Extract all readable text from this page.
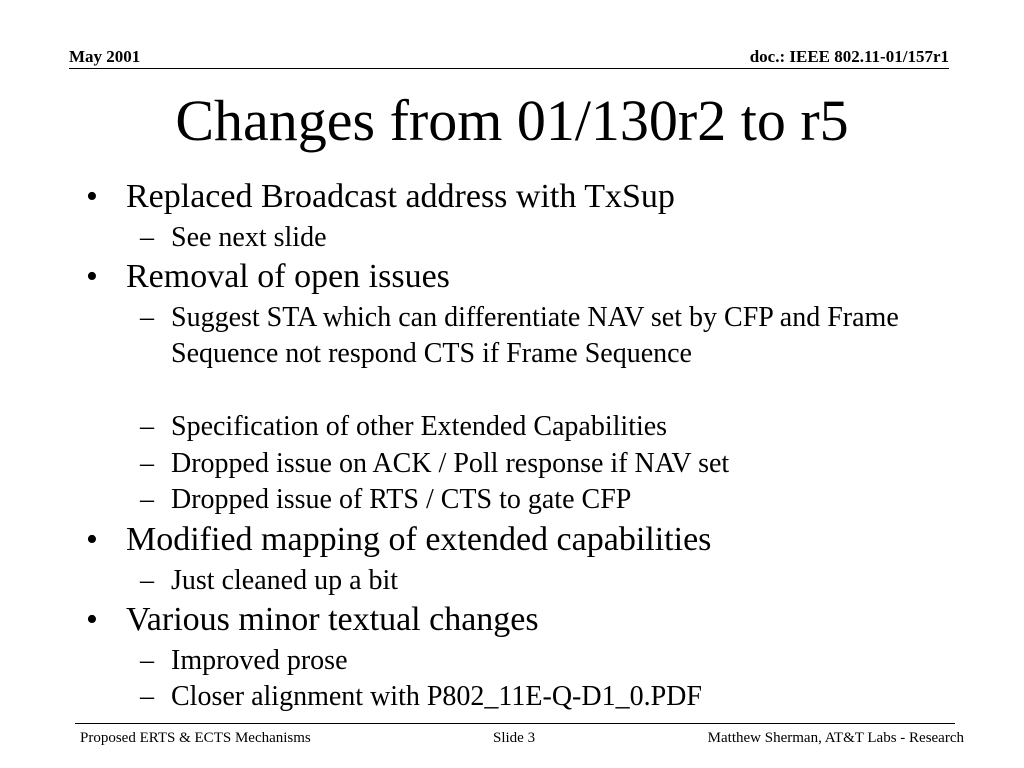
May 2001	doc.: IEEE 802.11-01/157r1
Changes from 01/130r2 to r5
• Replaced Broadcast address with TxSup
– See next slide
• Removal of open issues
– Suggest STA which can differentiate NAV set by CFP and Frame Sequence not respond CTS if Frame Sequence
– Specification of other Extended Capabilities
– Dropped issue on ACK / Poll response if NAV set
– Dropped issue of RTS / CTS to gate CFP
• Modified mapping of extended capabilities
– Just cleaned up a bit
• Various minor textual changes
– Improved prose
– Closer alignment with P802_11E-Q-D1_0.PDF
Proposed ERTS & ECTS Mechanisms	Slide 3	Matthew Sherman, AT&T Labs - Research
